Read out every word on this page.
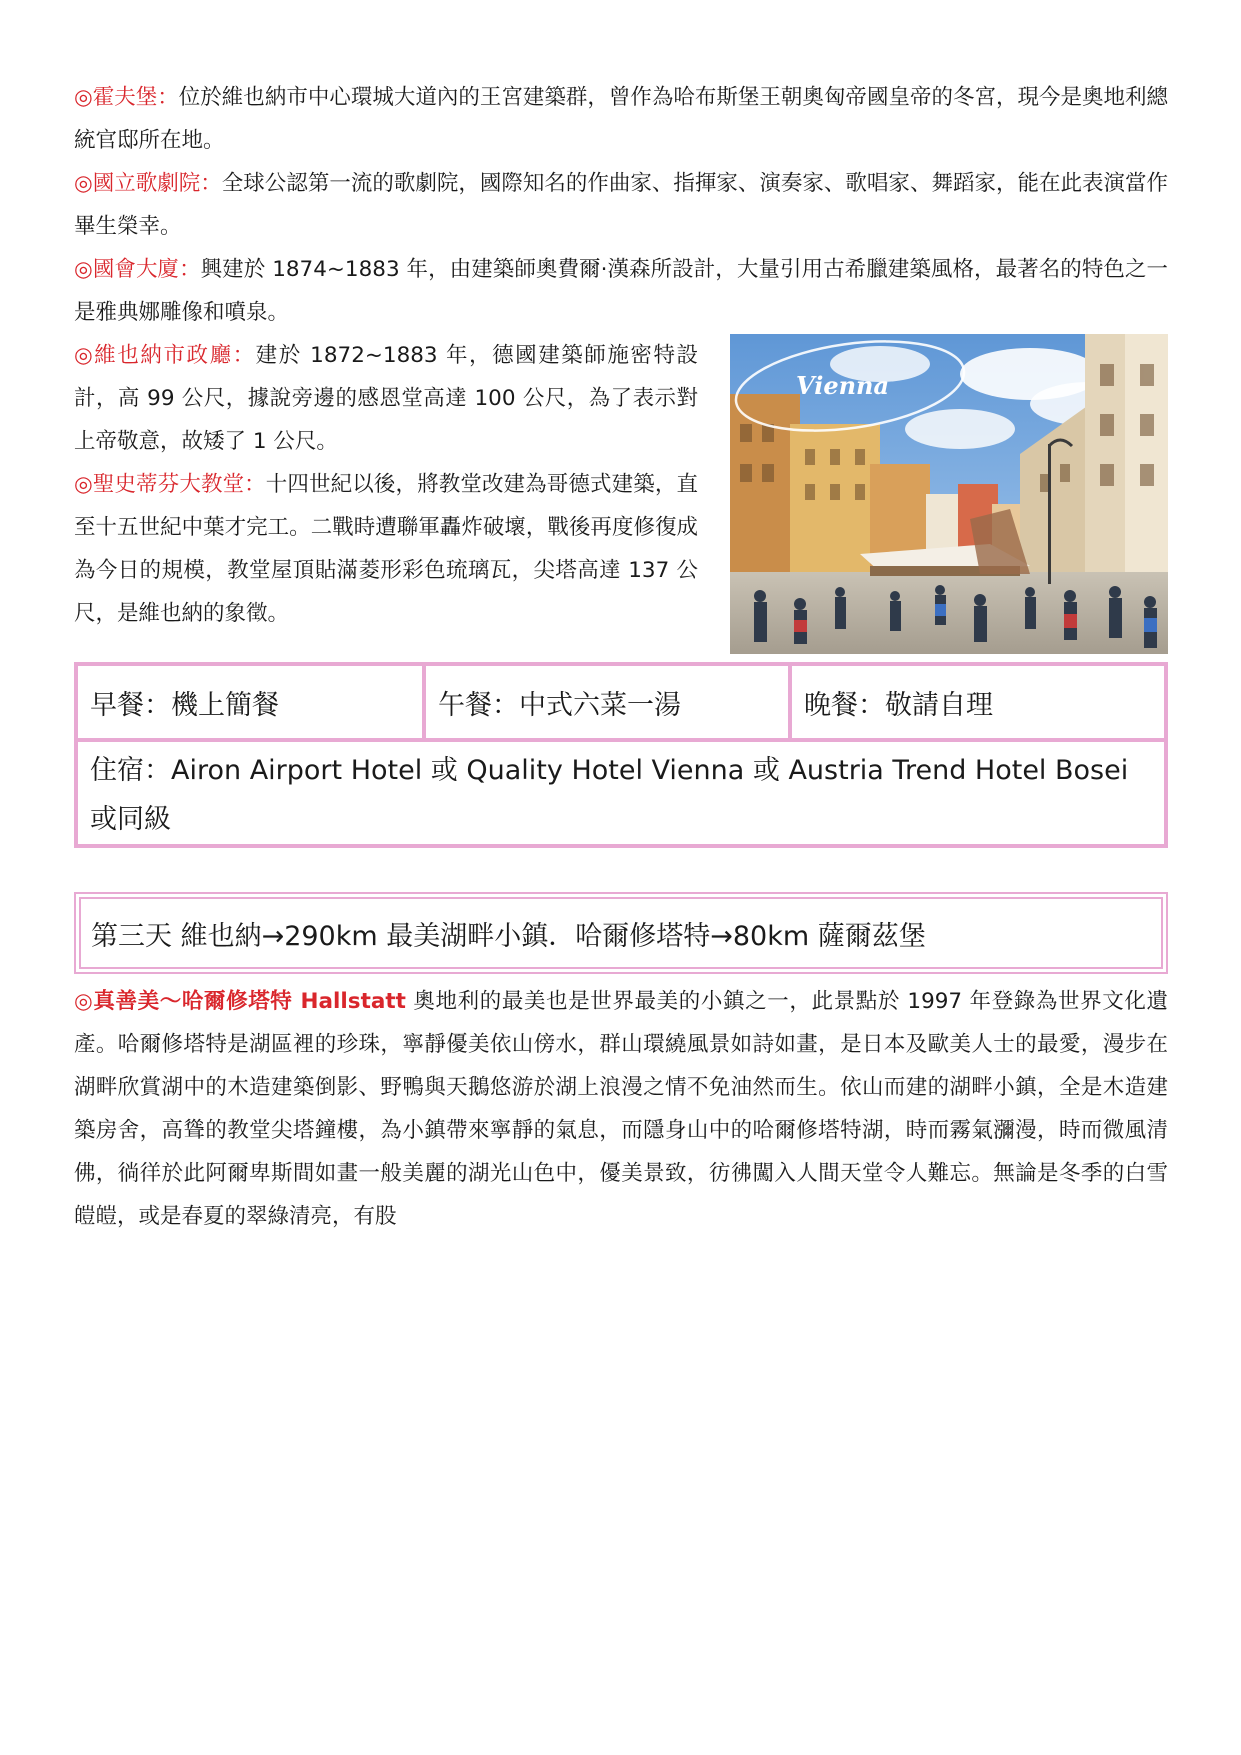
◎霍夫堡：位於維也納市中心環城大道內的王宮建築群，曾作為哈布斯堡王朝奧匈帝國皇帝的冬宮，現今是奧地利總統官邸所在地。

◎國立歌劇院：全球公認第一流的歌劇院，國際知名的作曲家、指揮家、演奏家、歌唱家、舞蹈家，能在此表演當作畢生榮幸。

◎國會大廈：興建於 1874~1883 年，由建築師奧費爾·漢森所設計，大量引用古希臘建築風格，最著名的特色之一是雅典娜雕像和噴泉。

◎維也納市政廳：建於 1872~1883 年，德國建築師施密特設計，高 99 公尺，據說旁邊的感恩堂高達 100 公尺，為了表示對上帝敬意，故矮了 1 公尺。

◎聖史蒂芬大教堂：十四世紀以後，將教堂改建為哥德式建築，直至十五世紀中葉才完工。二戰時遭聯軍轟炸破壞，戰後再度修復成為今日的規模，教堂屋頂貼滿菱形彩色琉璃瓦，尖塔高達 137 公尺，是維也納的象徵。

Vienna
早餐：機上簡餐	午餐：中式六菜一湯	晚餐：敬請自理
住宿：Airon Airport Hotel 或 Quality Hotel Vienna 或 Austria Trend Hotel Bosei 或同級
第三天 維也納→290km 最美湖畔小鎮．哈爾修塔特→80km 薩爾茲堡

◎真善美～哈爾修塔特 Hallstatt 奧地利的最美也是世界最美的小鎮之一，此景點於 1997 年登錄為世界文化遺產。哈爾修塔特是湖區裡的珍珠，寧靜優美依山傍水，群山環繞風景如詩如畫，是日本及歐美人士的最愛，漫步在湖畔欣賞湖中的木造建築倒影、野鴨與天鵝悠游於湖上浪漫之情不免油然而生。依山而建的湖畔小鎮，全是木造建築房舍，高聳的教堂尖塔鐘樓，為小鎮帶來寧靜的氣息，而隱身山中的哈爾修塔特湖，時而霧氣瀰漫，時而微風清佛，徜徉於此阿爾卑斯間如畫一般美麗的湖光山色中，優美景致，彷彿闖入人間天堂令人難忘。無論是冬季的白雪皚皚，或是春夏的翠綠清亮，有股
